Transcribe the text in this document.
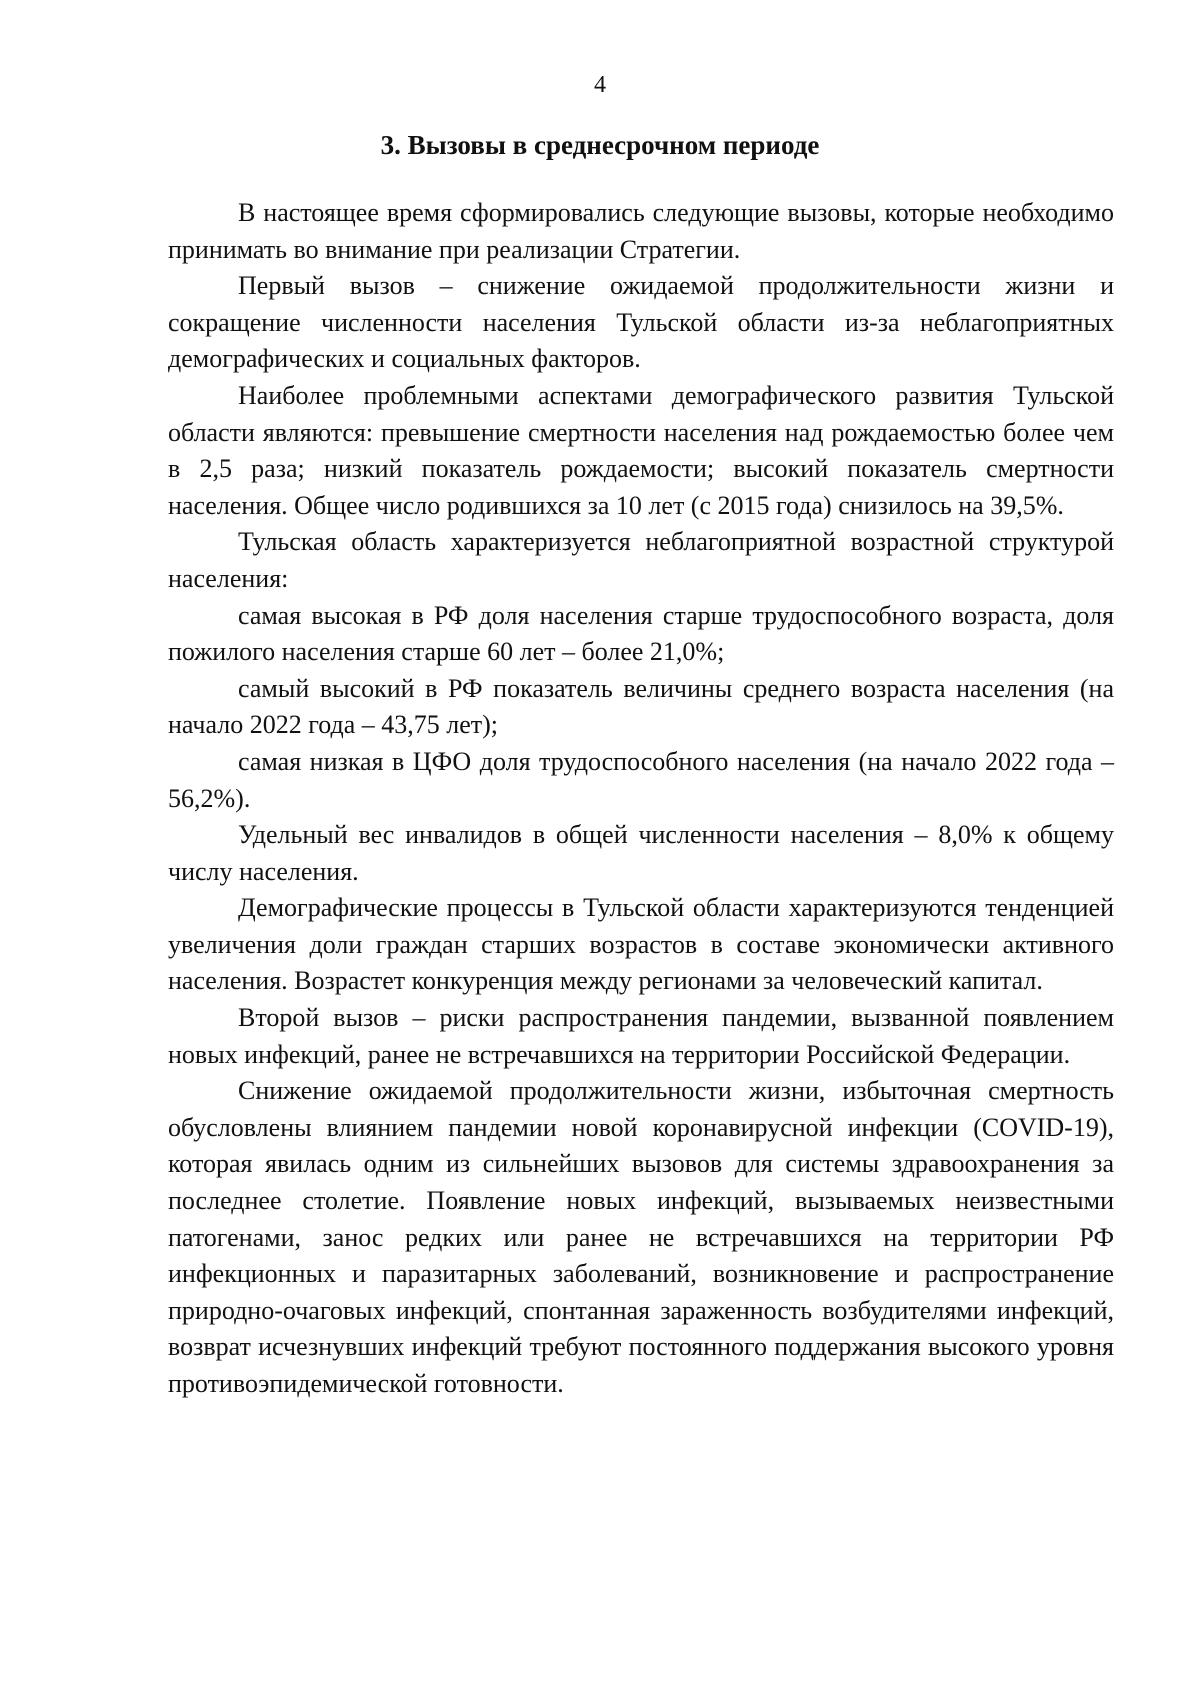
4
3. Вызовы в среднесрочном периоде

В настоящее время сформировались следующие вызовы, которые необходимо принимать во внимание при реализации Стратегии.

Первый вызов – снижение ожидаемой продолжительности жизни и сокращение численности населения Тульской области из-за неблагоприятных демографических и социальных факторов.

Наиболее проблемными аспектами демографического развития Тульской области являются: превышение смертности населения над рождаемостью более чем в 2,5 раза; низкий показатель рождаемости; высокий показатель смертности населения. Общее число родившихся за 10 лет (с 2015 года) снизилось на 39,5%.

Тульская область характеризуется неблагоприятной возрастной структурой населения:

самая высокая в РФ доля населения старше трудоспособного возраста, доля пожилого населения старше 60 лет – более 21,0%;

самый высокий в РФ показатель величины среднего возраста населения (на начало 2022 года – 43,75 лет);

самая низкая в ЦФО доля трудоспособного населения (на начало 2022 года – 56,2%).

Удельный вес инвалидов в общей численности населения – 8,0% к общему числу населения.

Демографические процессы в Тульской области характеризуются тенденцией увеличения доли граждан старших возрастов в составе экономически активного населения. Возрастет конкуренция между регионами за человеческий капитал.

Второй вызов – риски распространения пандемии, вызванной появлением новых инфекций, ранее не встречавшихся на территории Российской Федерации.

Снижение ожидаемой продолжительности жизни, избыточная смертность обусловлены влиянием пандемии новой коронавирусной инфекции (COVID-19), которая явилась одним из сильнейших вызовов для системы здравоохранения за последнее столетие. Появление новых инфекций, вызываемых неизвестными патогенами, занос редких или ранее не встречавшихся на территории РФ инфекционных и паразитарных заболеваний, возникновение и распространение природно-очаговых инфекций, спонтанная зараженность возбудителями инфекций, возврат исчезнувших инфекций требуют постоянного поддержания высокого уровня противоэпидемической готовности.
